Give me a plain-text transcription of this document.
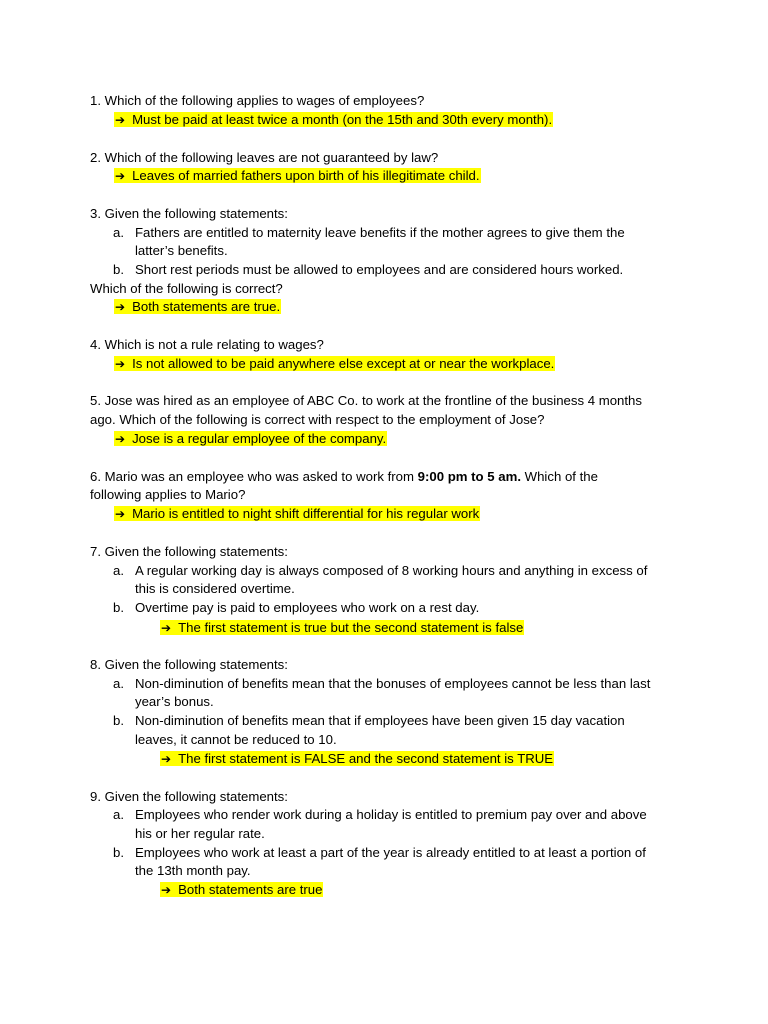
1. Which of the following applies to wages of employees?
➔ Must be paid at least twice a month (on the 15th and 30th every month).
2. Which of the following leaves are not guaranteed by law?
➔ Leaves of married fathers upon birth of his illegitimate child.
3. Given the following statements:
a. Fathers are entitled to maternity leave benefits if the mother agrees to give them the
latter’s benefits.
b. Short rest periods must be allowed to employees and are considered hours worked.
Which of the following is correct?
➔ Both statements are true.
4. Which is not a rule relating to wages?
➔ Is not allowed to be paid anywhere else except at or near the workplace.
5. Jose was hired as an employee of ABC Co. to work at the frontline of the business 4 months
ago. Which of the following is correct with respect to the employment of Jose?
➔ Jose is a regular employee of the company.
6. Mario was an employee who was asked to work from 9:00 pm to 5 am. Which of the
following applies to Mario?
➔ Mario is entitled to night shift differential for his regular work
7. Given the following statements:
a. A regular working day is always composed of 8 working hours and anything in excess of
this is considered overtime.
b. Overtime pay is paid to employees who work on a rest day.
➔ The first statement is true but the second statement is false
8. Given the following statements:
a. Non-diminution of benefits mean that the bonuses of employees cannot be less than last
year’s bonus.
b. Non-diminution of benefits mean that if employees have been given 15 day vacation
leaves, it cannot be reduced to 10.
➔ The first statement is FALSE and the second statement is TRUE
9. Given the following statements:
a. Employees who render work during a holiday is entitled to premium pay over and above
his or her regular rate.
b. Employees who work at least a part of the year is already entitled to at least a portion of
the 13th month pay.
➔ Both statements are true
